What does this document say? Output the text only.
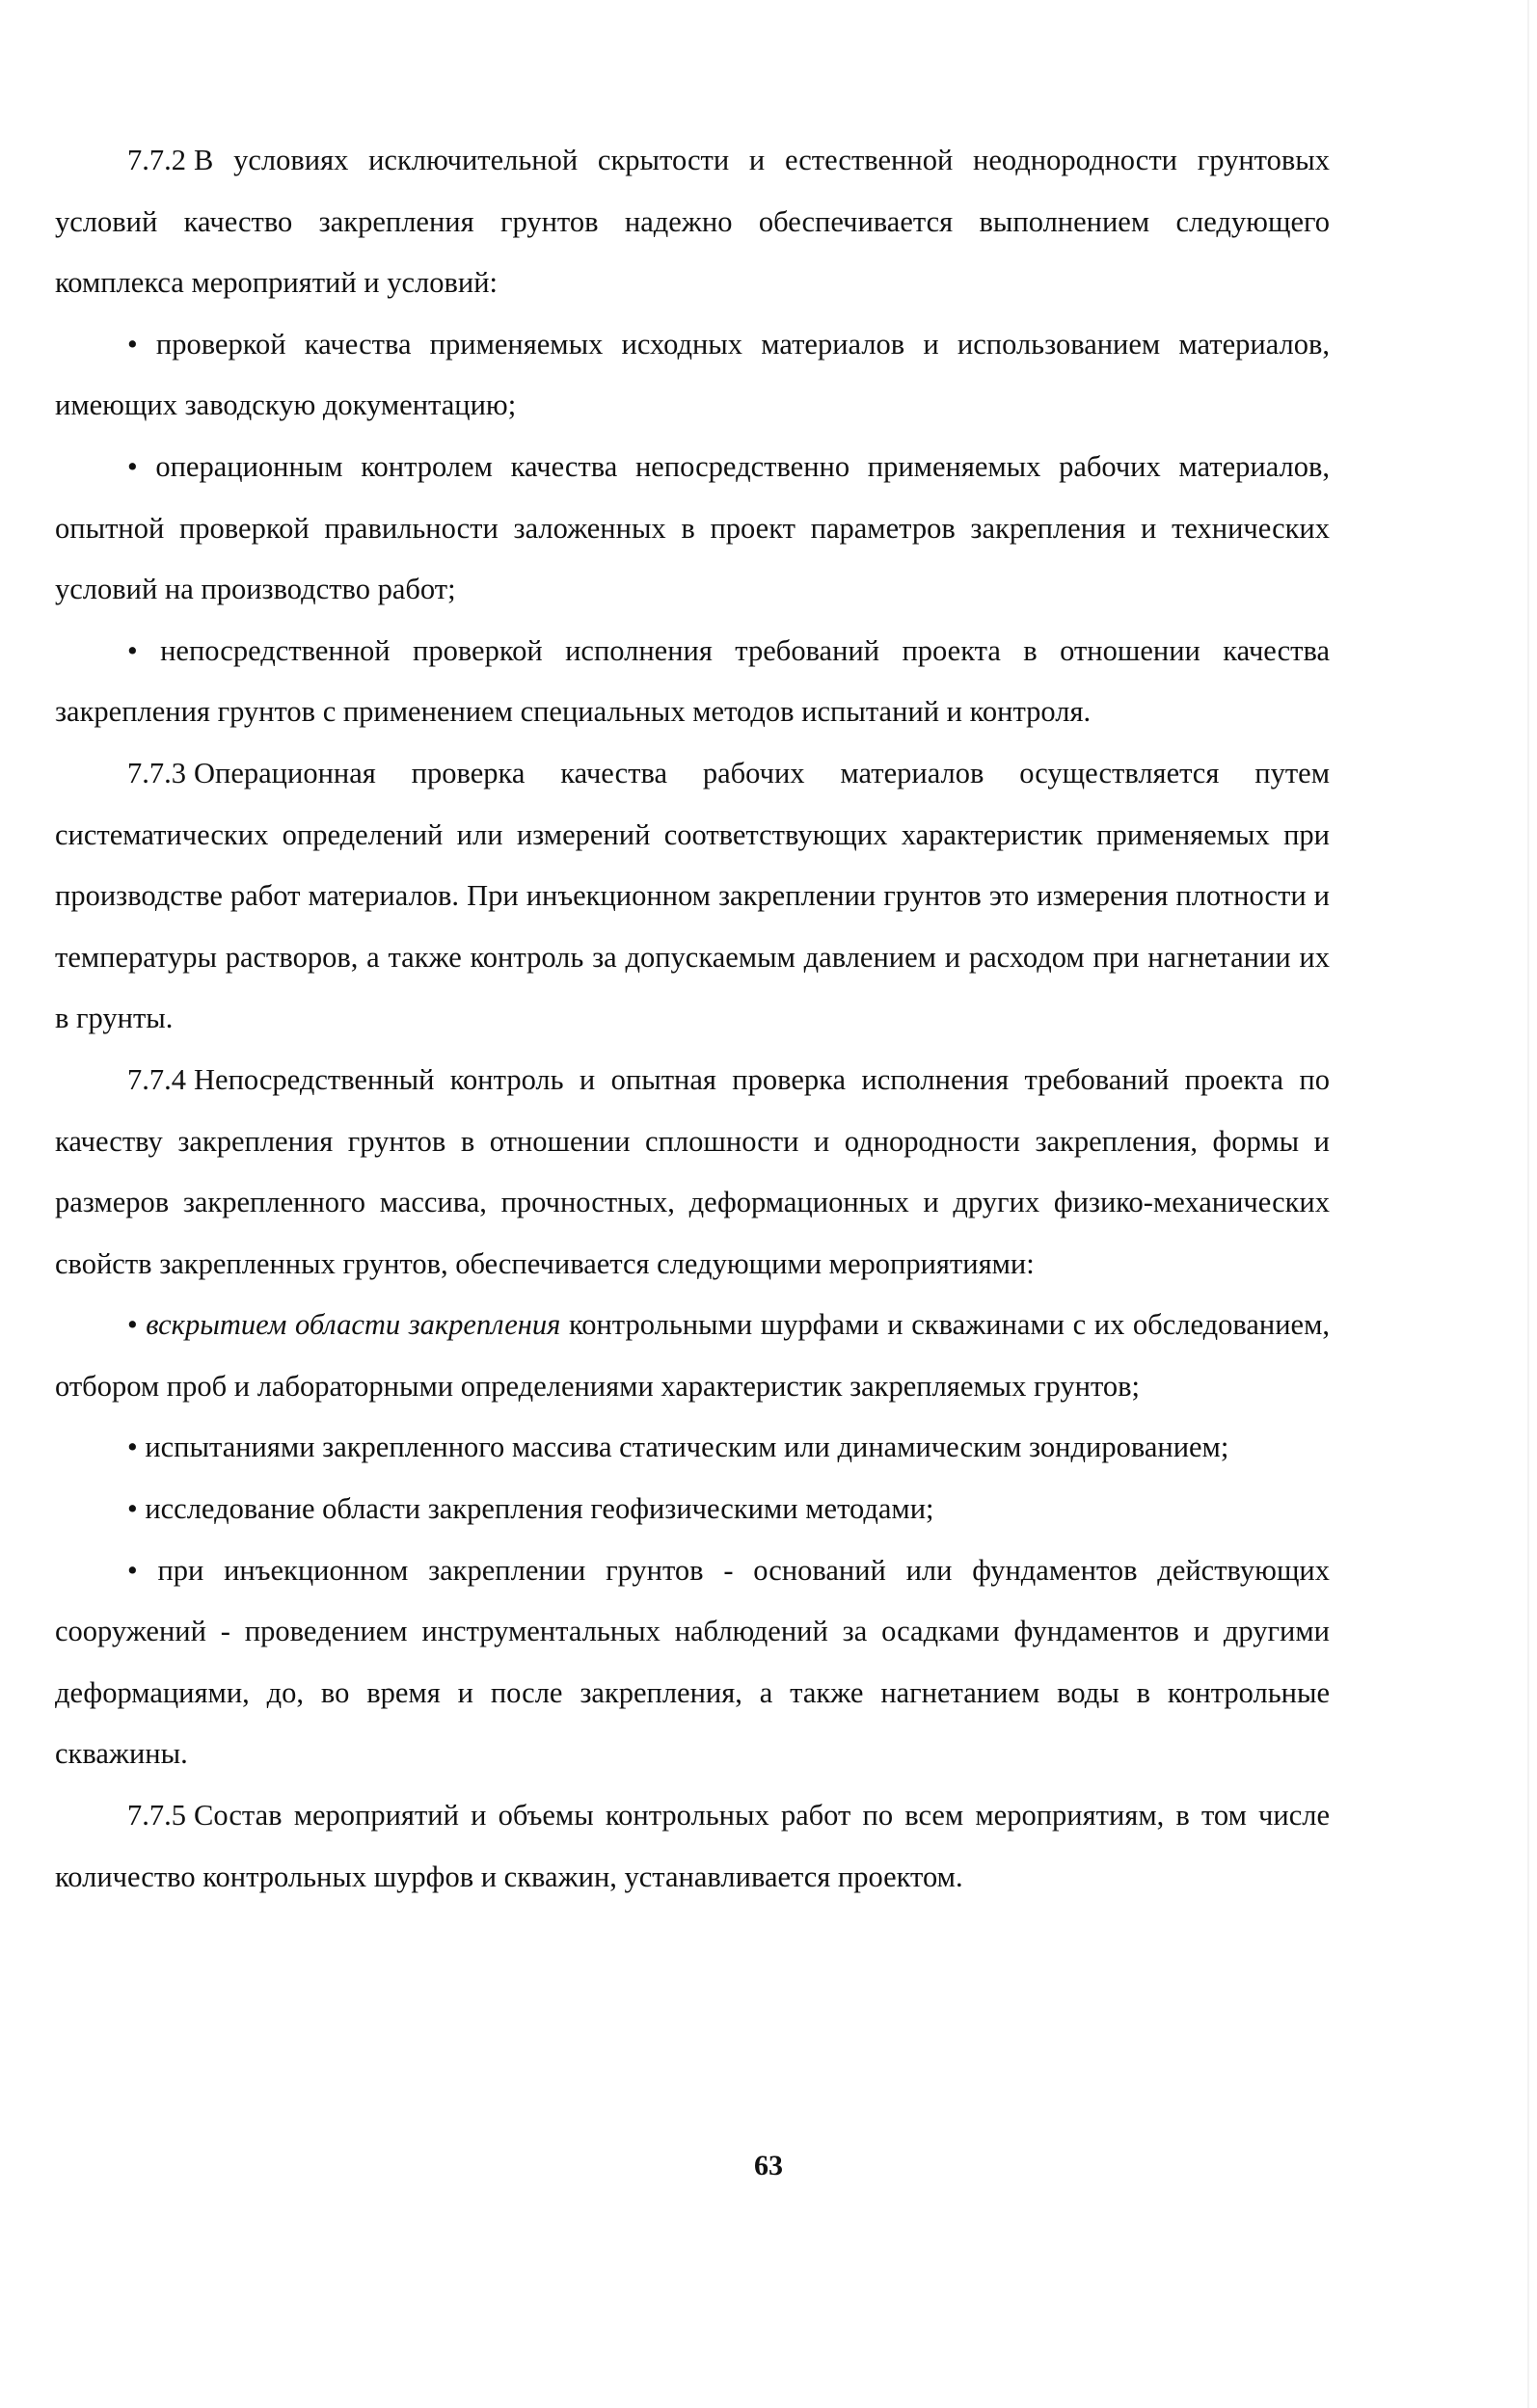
7.7.2 В условиях исключительной скрытости и естественной неоднородности грунтовых условий качество закрепления грунтов надежно обеспечивается выполнением следующего комплекса мероприятий и условий:

• проверкой качества применяемых исходных материалов и использованием материалов, имеющих заводскую документацию;

• операционным контролем качества непосредственно применяемых рабочих материалов, опытной проверкой правильности заложенных в проект параметров закрепления и технических условий на производство работ;

• непосредственной проверкой исполнения требований проекта в отношении качества закрепления грунтов с применением специальных методов испытаний и контроля.

7.7.3 Операционная проверка качества рабочих материалов осуществляется путем систематических определений или измерений соответствующих характеристик применяемых при производстве работ материалов. При инъекционном закреплении грунтов это измерения плотности и температуры растворов, а также контроль за допускаемым давлением и расходом при нагнетании их в грунты.

7.7.4 Непосредственный контроль и опытная проверка исполнения требований проекта по качеству закрепления грунтов в отношении сплошности и однородности закрепления, формы и размеров закрепленного массива, прочностных, деформационных и других физико-механических свойств закрепленных грунтов, обеспечивается следующими мероприятиями:

• вскрытием области закрепления контрольными шурфами и скважинами с их обследованием, отбором проб и лабораторными определениями характеристик закрепляемых грунтов;

• испытаниями закрепленного массива статическим или динамическим зондированием;

• исследование области закрепления геофизическими методами;

• при инъекционном закреплении грунтов - оснований или фундаментов действующих сооружений - проведением инструментальных наблюдений за осадками фундаментов и другими деформациями, до, во время и после закрепления, а также нагнетанием воды в контрольные скважины.

7.7.5 Состав мероприятий и объемы контрольных работ по всем мероприятиям, в том числе количество контрольных шурфов и скважин, устанавливается проектом.

63
